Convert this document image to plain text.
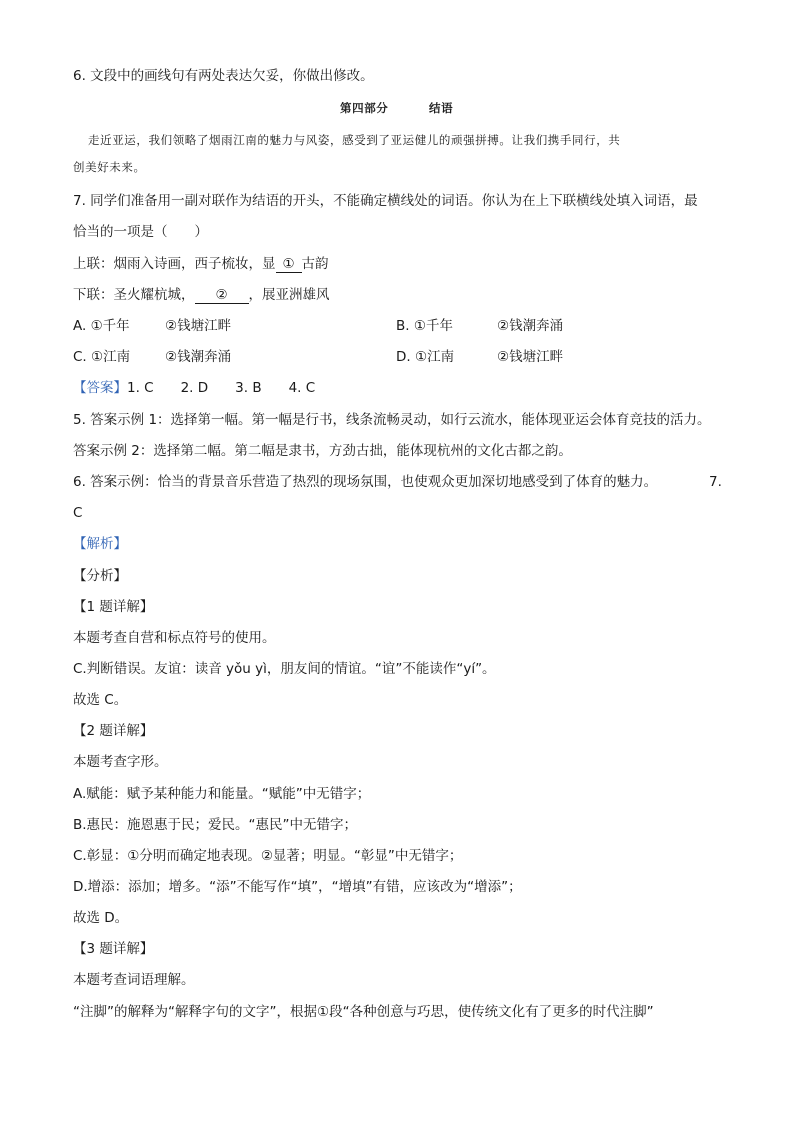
6. 文段中的画线句有两处表达欠妥，你做出修改。
第四部分	结语
走近亚运，我们领略了烟雨江南的魅力与风姿，感受到了亚运健儿的顽强拼搏。让我们携手同行，共
创美好未来。
7. 同学们准备用一副对联作为结语的开头，不能确定横线处的词语。你认为在上下联横线处填入词语，最
恰当的一项是（　　）
上联：烟雨入诗画，西子梳妆，显 ① 古韵
下联：圣火耀杭城， ② ，展亚洲雄风
A. ①千年	②钱塘江畔	B. ①千年	②钱潮奔涌
C. ①江南	②钱潮奔涌	D. ①江南	②钱塘江畔
【答案】1. C　　2. D　　3. B　　4. C
5. 答案示例 1：选择第一幅。第一幅是行书，线条流畅灵动，如行云流水，能体现亚运会体育竞技的活力。
答案示例 2：选择第二幅。第二幅是隶书，方劲古拙，能体现杭州的文化古都之韵。
6. 答案示例：恰当的背景音乐营造了热烈的现场氛围，也使观众更加深切地感受到了体育的魅力。	7.
C
【解析】
【分析】
【1 题详解】
本题考查自营和标点符号的使用。
C.判断错误。友谊：读音 yǒu yì，朋友间的情谊。“谊”不能读作“yí”。
故选 C。
【2 题详解】
本题考查字形。
A.赋能：赋予某种能力和能量。“赋能”中无错字；
B.惠民：施恩惠于民；爱民。“惠民”中无错字；
C.彰显：①分明而确定地表现。②显著；明显。“彰显”中无错字；
D.增添：添加；增多。“添”不能写作“填”，“增填”有错，应该改为“增添”；
故选 D。
【3 题详解】
本题考查词语理解。
“注脚”的解释为“解释字句的文字”，根据①段“各种创意与巧思，使传统文化有了更多的时代注脚”
